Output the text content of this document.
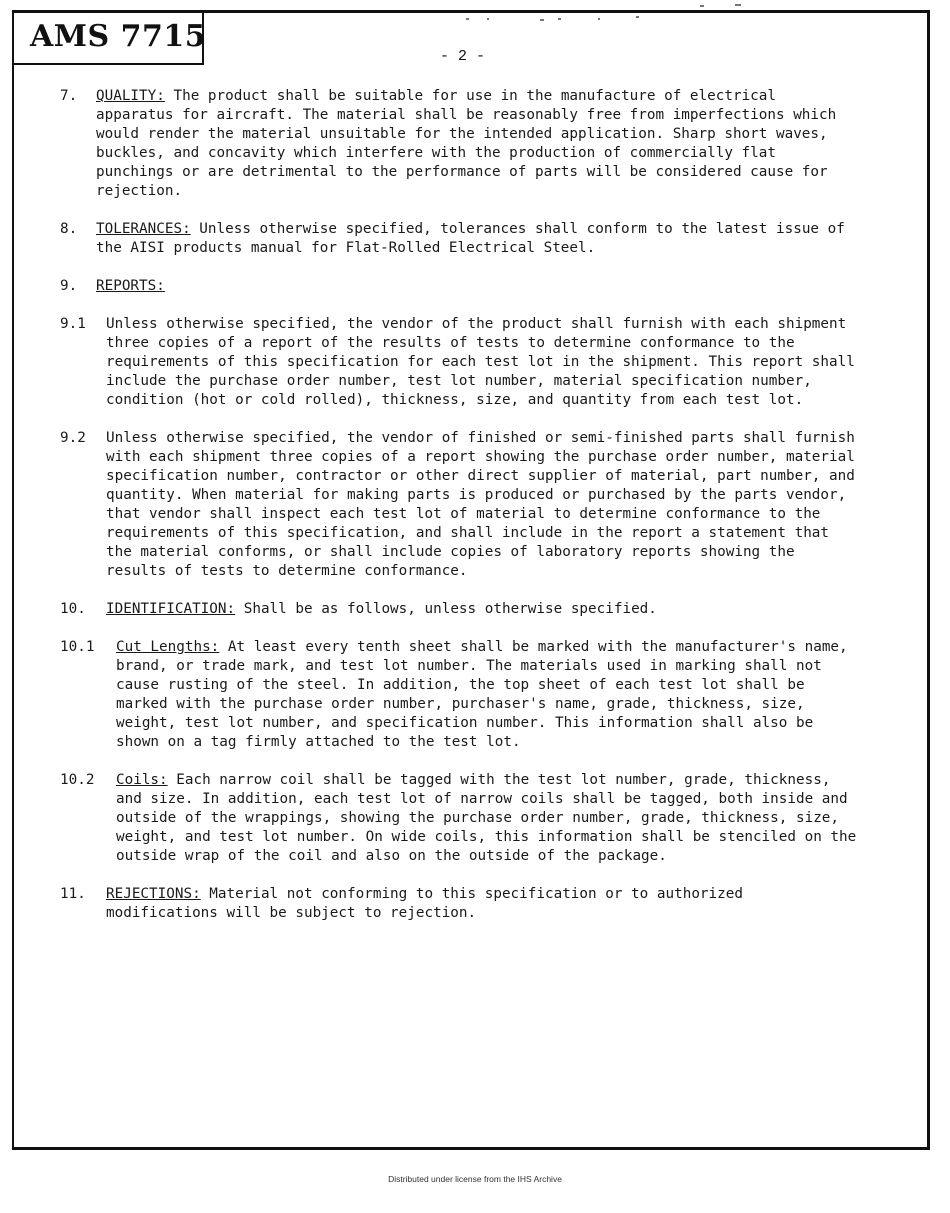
AMS 7715
- 2 -
7.	QUALITY: The product shall be suitable for use in the manufacture of electrical apparatus for aircraft. The material shall be reasonably free from imperfections which would render the material unsuitable for the intended application. Sharp short waves, buckles, and concavity which interfere with the production of commercially flat punchings or are detrimental to the performance of parts will be considered cause for rejection.
8.	TOLERANCES: Unless otherwise specified, tolerances shall conform to the latest issue of the AISI products manual for Flat-Rolled Electrical Steel.
9.	REPORTS:
9.1	Unless otherwise specified, the vendor of the product shall furnish with each shipment three copies of a report of the results of tests to determine conformance to the requirements of this specification for each test lot in the shipment. This report shall include the purchase order number, test lot number, material specification number, condition (hot or cold rolled), thickness, size, and quantity from each test lot.
9.2	Unless otherwise specified, the vendor of finished or semi-finished parts shall furnish with each shipment three copies of a report showing the purchase order number, material specification number, contractor or other direct supplier of material, part number, and quantity. When material for making parts is produced or purchased by the parts vendor, that vendor shall inspect each test lot of material to determine conformance to the requirements of this specification, and shall include in the report a statement that the material conforms, or shall include copies of laboratory reports showing the results of tests to determine conformance.
10.	IDENTIFICATION: Shall be as follows, unless otherwise specified.
10.1	Cut Lengths: At least every tenth sheet shall be marked with the manufacturer's name, brand, or trade mark, and test lot number. The materials used in marking shall not cause rusting of the steel. In addition, the top sheet of each test lot shall be marked with the purchase order number, purchaser's name, grade, thickness, size, weight, test lot number, and specification number. This information shall also be shown on a tag firmly attached to the test lot.
10.2	Coils: Each narrow coil shall be tagged with the test lot number, grade, thickness, and size. In addition, each test lot of narrow coils shall be tagged, both inside and outside of the wrappings, showing the purchase order number, grade, thickness, size, weight, and test lot number. On wide coils, this information shall be stenciled on the outside wrap of the coil and also on the outside of the package.
11.	REJECTIONS: Material not conforming to this specification or to authorized modifications will be subject to rejection.
Distributed under license from the IHS Archive
